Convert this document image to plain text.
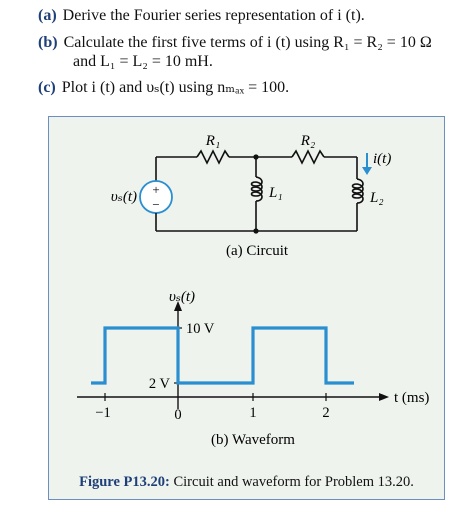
(a) Derive the Fourier series representation of i (t).
(b) Calculate the first five terms of i (t) using R₁ = R₂ = 10 Ω
and L₁ = L₂ = 10 mH.
(c) Plot i (t) and υₛ(t) using nₘₐₓ = 100.
R₁	R₂
L₁	L₂
υₛ(t)
i(t)
+
−
(a) Circuit
υₛ(t)
10 V
2 V
t (ms)
−1	0	1	2
(b) Waveform
Figure P13.20: Circuit and waveform for Problem 13.20.
